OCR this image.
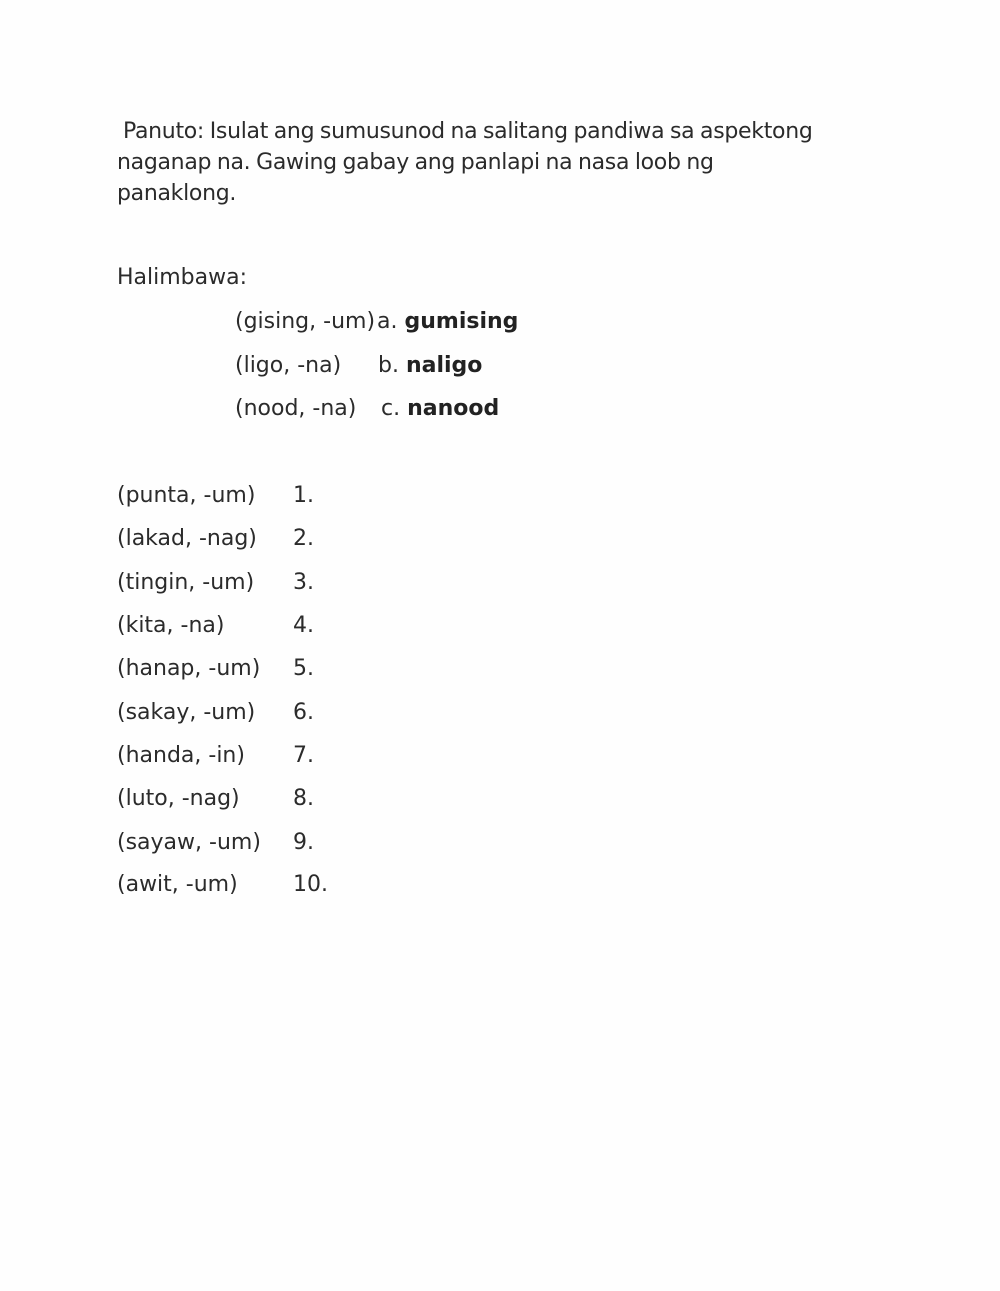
Panuto: Isulat ang sumusunod na salitang pandiwa sa aspektong
naganap na. Gawing gabay ang panlapi na nasa loob ng
panaklong.
Halimbawa:
(gising, -um)a. gumising
(ligo, -na) b. naligo
(nood, -na) c. nanood
(punta, -um) 1.
(lakad, -nag) 2.
(tingin, -um) 3.
(kita, -na)	4.
(hanap, -um) 5.
(sakay, -um) 6.
(handa, -in) 7.
(luto, -nag) 8.
(sayaw, -um) 9.
(awit, -um)	10.
